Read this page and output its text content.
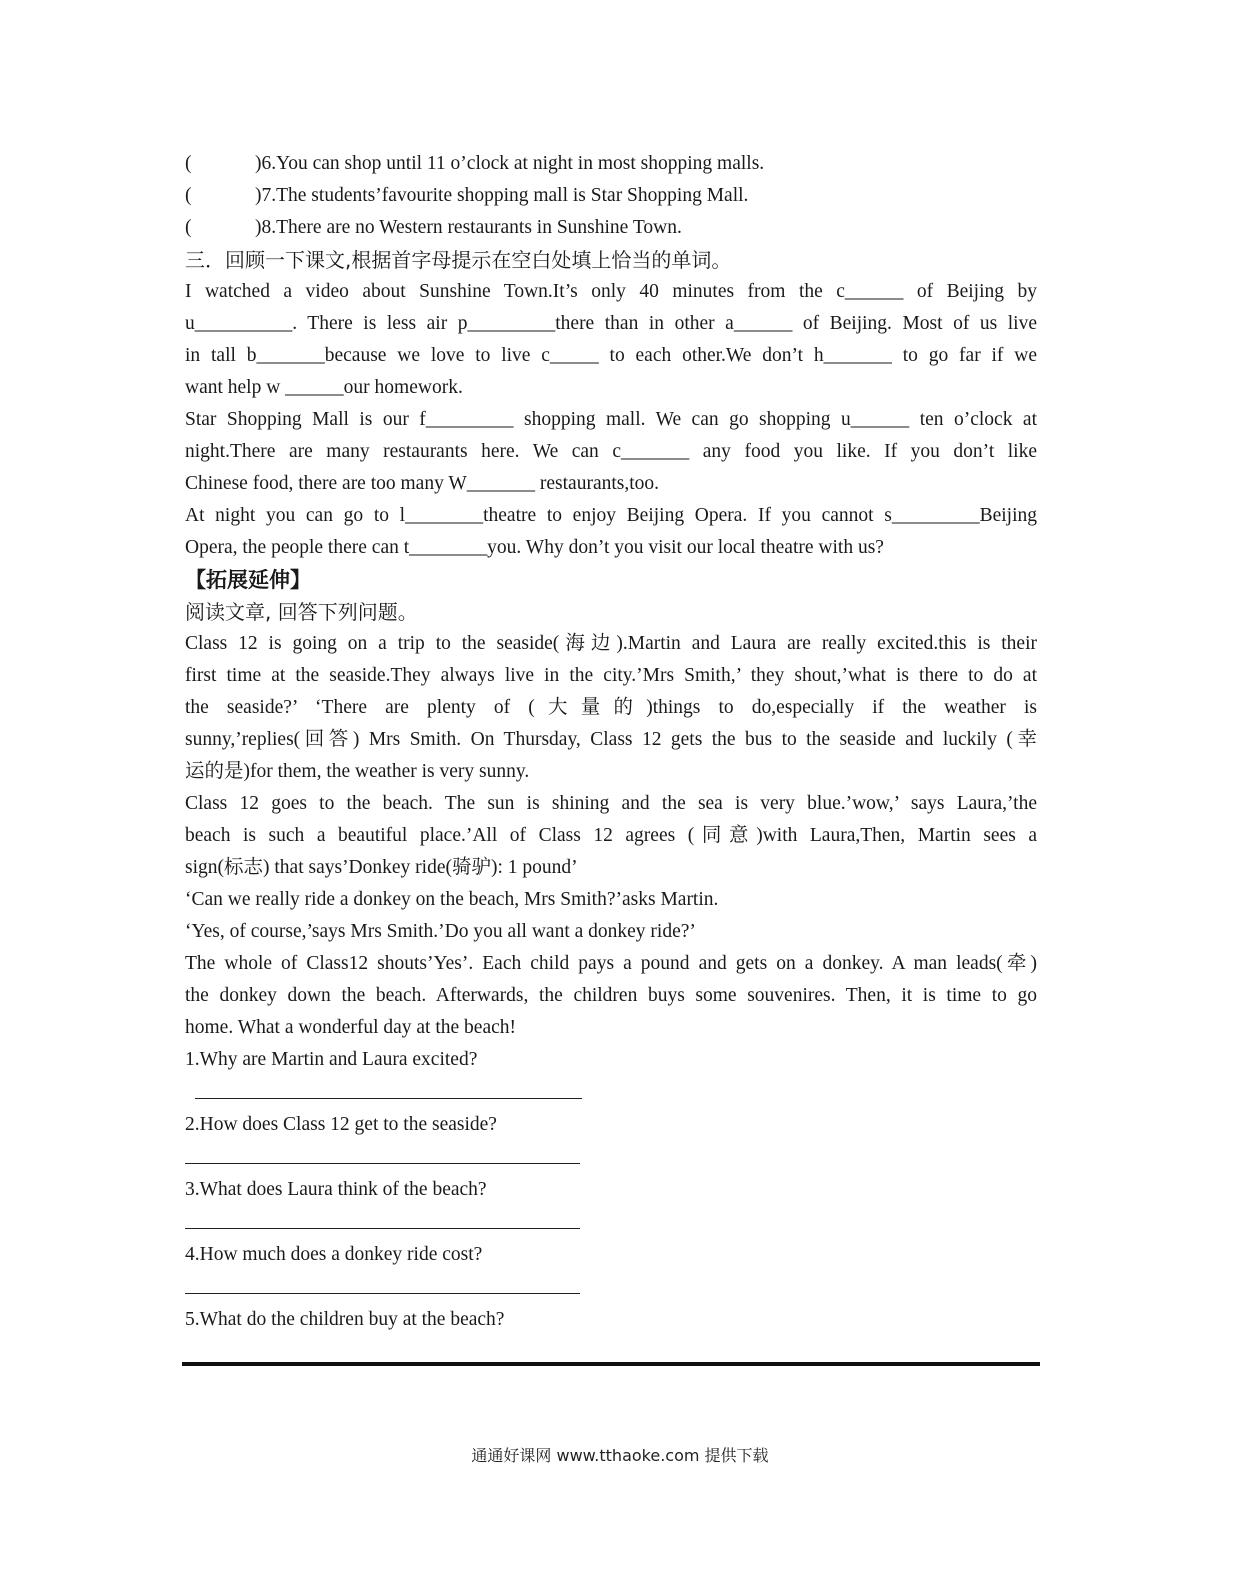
(	)6.You can shop until 11 o’clock at night in most shopping malls.
(	)7.The students’favourite shopping mall is Star Shopping Mall.
(	)8.There are no Western restaurants in Sunshine Town.
三．回顾一下课文,根据首字母提示在空白处填上恰当的单词。
I watched a video about Sunshine Town.It’s only 40 minutes from the c______ of Beijing by
u__________. There is less air p_________there than in other a______ of Beijing. Most of us live
in tall b_______because we love to live c_____ to each other.We don’t h_______ to go far if we
want help w ______our homework.
Star Shopping Mall is our f_________ shopping mall. We can go shopping u______ ten o’clock at
night.There are many restaurants here. We can c_______ any food you like. If you don’t like
Chinese food, there are too many W_______ restaurants,too.
At night you can go to l________theatre to enjoy Beijing Opera. If you cannot s_________Beijing
Opera, the people there can t________you. Why don’t you visit our local theatre with us?
【拓展延伸】
阅读文章, 回答下列问题。
Class 12 is going on a trip to the seaside(海边).Martin and Laura are really excited.this is their
first time at the seaside.They always live in the city.’Mrs Smith,’ they shout,’what is there to do at
the seaside?’ ‘There are plenty of (大量的)things to do,especially if the weather is
sunny,’replies(回答) Mrs Smith. On Thursday, Class 12 gets the bus to the seaside and luckily (幸
运的是)for them, the weather is very sunny.
Class 12 goes to the beach. The sun is shining and the sea is very blue.’wow,’ says Laura,’the
beach is such a beautiful place.’All of Class 12 agrees (同意)with Laura,Then, Martin sees a
sign(标志) that says’Donkey ride(骑驴): 1 pound’
‘Can we really ride a donkey on the beach, Mrs Smith?’asks Martin.
‘Yes, of course,’says Mrs Smith.’Do you all want a donkey ride?’
The whole of Class12 shouts’Yes’. Each child pays a pound and gets on a donkey. A man leads(牵)
the donkey down the beach. Afterwards, the children buys some souvenires. Then, it is time to go
home. What a wonderful day at the beach!
1.Why are Martin and Laura excited?
2.How does Class 12 get to the seaside?
3.What does Laura think of the beach?
4.How much does a donkey ride cost?
5.What do the children buy at the beach?
通通好课网 www.tthaoke.com 提供下载
